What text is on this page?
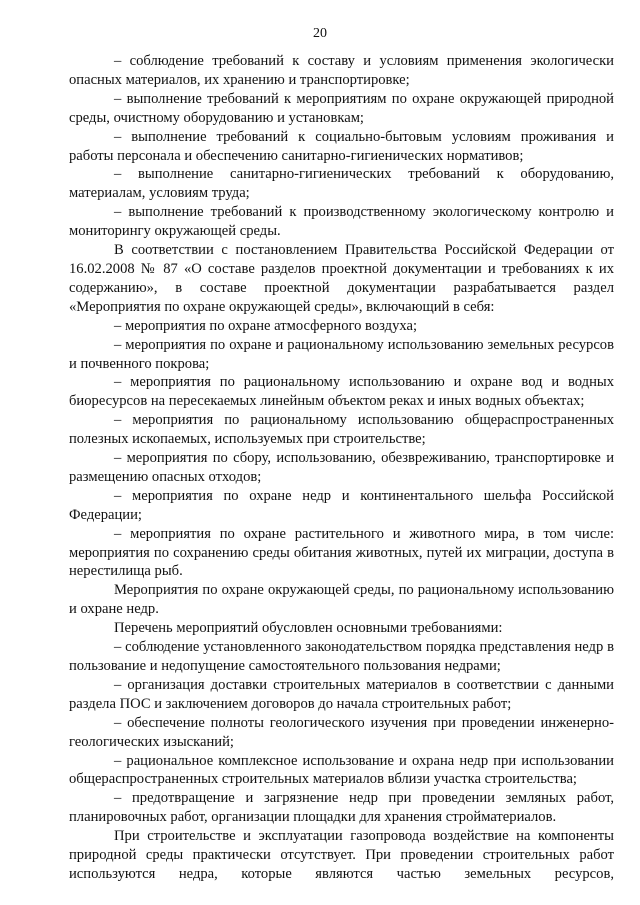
20

– соблюдение требований к составу и условиям применения экологически опасных материалов, их хранению и транспортировке;

– выполнение требований к мероприятиям по охране окружающей природной среды, очистному оборудованию и установкам;

– выполнение требований к социально-бытовым условиям проживания и работы персонала и обеспечению санитарно-гигиенических нормативов;

– выполнение санитарно-гигиенических требований к оборудованию, материалам, условиям труда;

– выполнение требований к производственному экологическому контролю и мониторингу окружающей среды.

В соответствии с постановлением Правительства Российской Федерации от 16.02.2008 № 87 «О составе разделов проектной документации и требованиях к их содержанию», в составе проектной документации разрабатывается раздел «Мероприятия по охране окружающей среды», включающий в себя:

– мероприятия по охране атмосферного воздуха;

– мероприятия по охране и рациональному использованию земельных ресурсов и почвенного покрова;

– мероприятия по рациональному использованию и охране вод и водных биоресурсов на пересекаемых линейным объектом реках и иных водных объектах;

– мероприятия по рациональному использованию общераспространенных полезных ископаемых, используемых при строительстве;

– мероприятия по сбору, использованию, обезвреживанию, транспортировке и размещению опасных отходов;

– мероприятия по охране недр и континентального шельфа Российской Федерации;

– мероприятия по охране растительного и животного мира, в том числе: мероприятия по сохранению среды обитания животных, путей их миграции, доступа в нерестилища рыб.

Мероприятия по охране окружающей среды, по рациональному использованию и охране недр.

Перечень мероприятий обусловлен основными требованиями:

– соблюдение установленного законодательством порядка представления недр в пользование и недопущение самостоятельного пользования недрами;

– организация доставки строительных материалов в соответствии с данными раздела ПОС и заключением договоров до начала строительных работ;

– обеспечение полноты геологического изучения при проведении инженерно-геологических изысканий;

– рациональное комплексное использование и охрана недр при использовании общераспространенных строительных материалов вблизи участка строительства;

– предотвращение и загрязнение недр при проведении земляных работ, планировочных работ, организации площадки для хранения стройматериалов.

При строительстве и эксплуатации газопровода воздействие на компоненты природной среды практически отсутствует. При проведении строительных работ используются недра, которые являются частью земельных ресурсов,
